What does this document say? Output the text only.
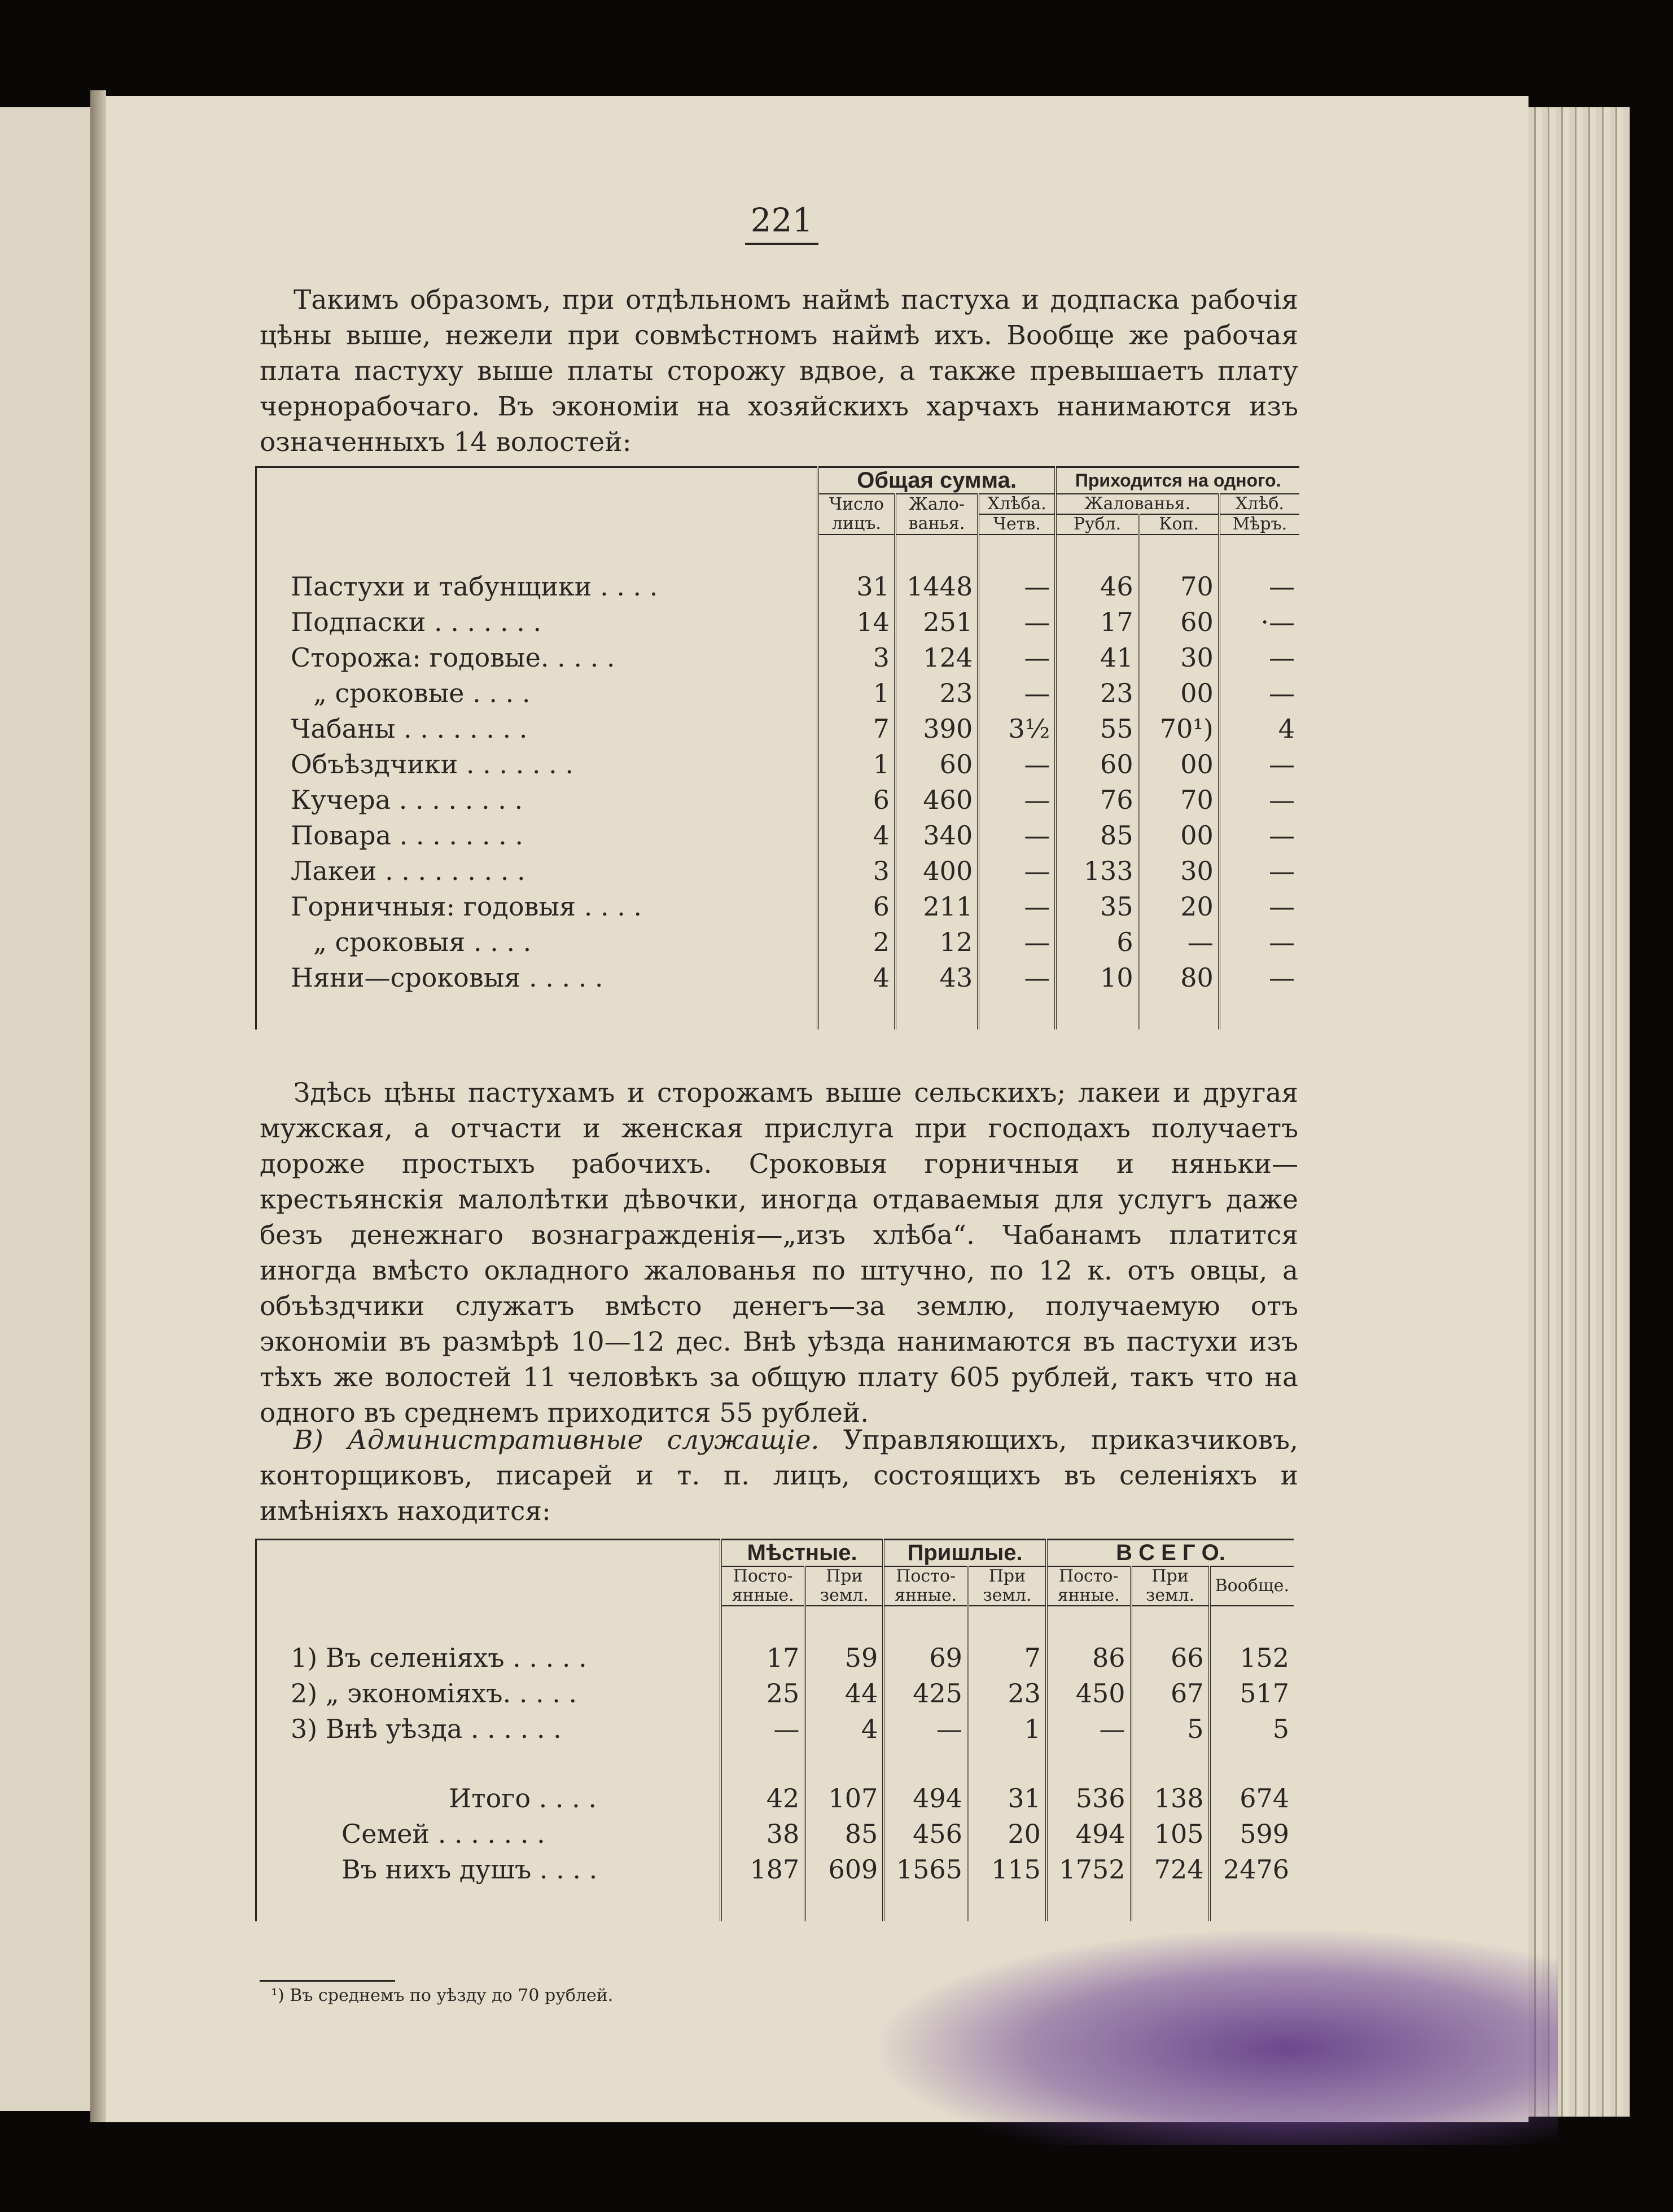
221
Такимъ образомъ, при отдѣльномъ наймѣ пастуха и додпаска рабочія цѣны выше, нежели при совмѣстномъ наймѣ ихъ. Вообще же рабочая плата пастуху выше платы сторожу вдвое, а также превышаетъ плату чернорабочаго. Въ экономіи на хозяйскихъ харчахъ нанимаются изъ означенныхъ 14 волостей:
	Общая сумма.			Приходится на одного.		
	Число лицъ.	Жало-ванья.	Хлѣба.	Жалованья.		Хлѣб.
			Четв.	Рубл.	Коп.	Мѣръ.

Пастухи и табунщики . . . .	31	1448	—	46	70	—
Подпаски . . . . . . .	14	251	—	17	60	·—
Сторожа: годовые. . . . .	3	124	—	41	30	—
„ сроковые . . . .	1	23	—	23	00	—
Чабаны . . . . . . . .	7	390	3½	55	70¹)	4
Объѣздчики . . . . . . .	1	60	—	60	00	—
Кучера . . . . . . . .	6	460	—	76	70	—
Повара . . . . . . . .	4	340	—	85	00	—
Лакеи . . . . . . . . .	3	400	—	133	30	—
Горничныя: годовыя . . . .	6	211	—	35	20	—
„ сроковыя . . . .	2	12	—	6	—	—
Няни—сроковыя . . . . .	4	43	—	10	80	—

Здѣсь цѣны пастухамъ и сторожамъ выше сельскихъ; лакеи и другая мужская, а отчасти и женская прислуга при господахъ получаетъ дороже простыхъ рабочихъ. Сроковыя горничныя и няньки—крестьянскія малолѣтки дѣвочки, иногда отдаваемыя для услугъ даже безъ денежнаго вознагражденія—„изъ хлѣба“. Чабанамъ платится иногда вмѣсто окладного жалованья по штучно, по 12 к. отъ овцы, а объѣздчики служатъ вмѣсто денегъ—за землю, получаемую отъ экономіи въ размѣрѣ 10—12 дес. Внѣ уѣзда нанимаются въ пастухи изъ тѣхъ же волостей 11 человѣкъ за общую плату 605 рублей, такъ что на одного въ среднемъ приходится 55 рублей.
В) Административные служащіе. Управляющихъ, приказчиковъ, конторщиковъ, писарей и т. п. лицъ, состоящихъ въ селеніяхъ и имѣніяхъ находится:
	Мѣстные.		Пришлые.		В С Е Г О.		
	Посто-янные.	При земл.	Посто-янные.	При земл.	Посто-янные.	При земл.	Вообще.

1) Въ селеніяхъ . . . . .	17	59	69	7	86	66	152
2) „ экономіяхъ. . . . .	25	44	425	23	450	67	517
3) Внѣ уѣзда . . . . . .	—	4	—	1	—	5	5

Итого . . . .	42	107	494	31	536	138	674
Семей . . . . . . .	38	85	456	20	494	105	599
Въ нихъ душъ . . . .	187	609	1565	115	1752	724	2476

¹) Въ среднемъ по уѣзду до 70 рублей.
